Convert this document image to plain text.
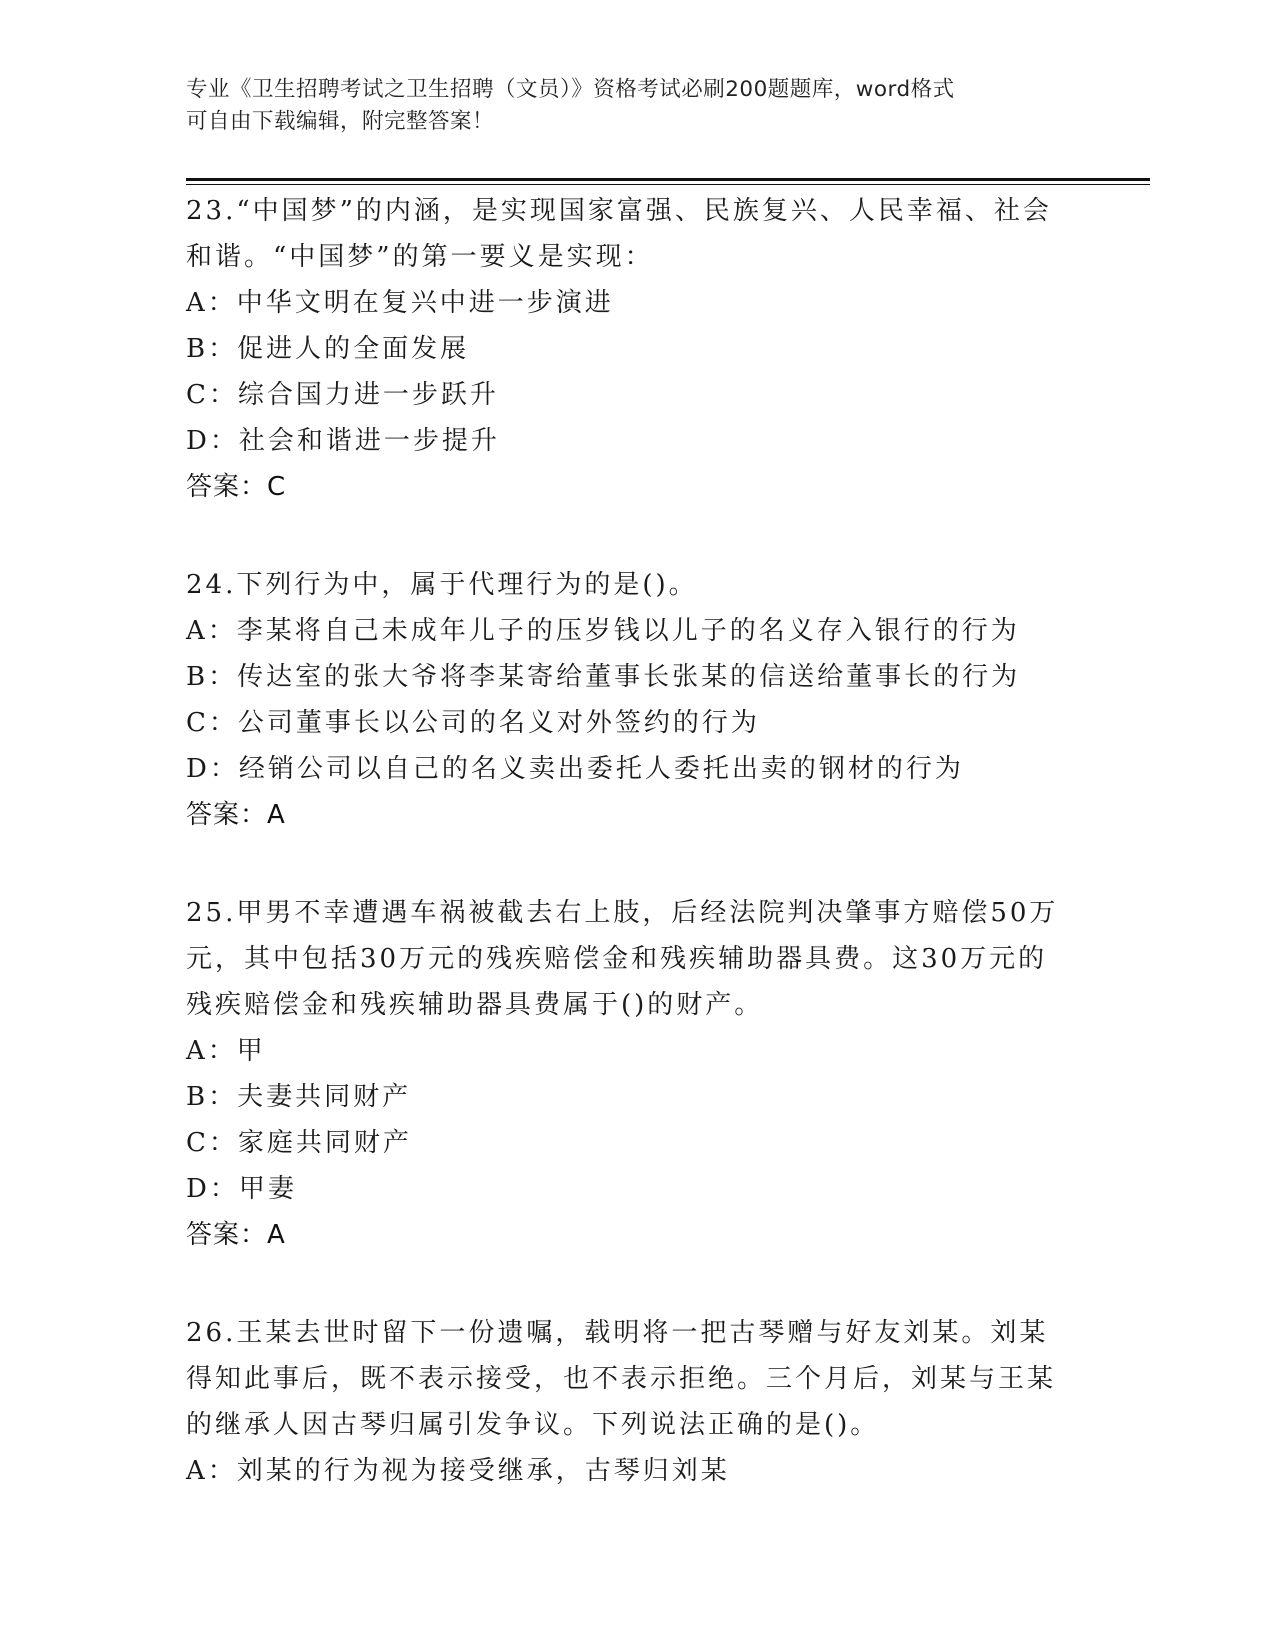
专业《卫生招聘考试之卫生招聘（文员）》资格考试必刷200题题库，word格式
可自由下载编辑，附完整答案！

23.“中国梦”的内涵，是实现国家富强、民族复兴、人民幸福、社会和谐。“中国梦”的第一要义是实现：

A：中华文明在复兴中进一步演进

B：促进人的全面发展

C：综合国力进一步跃升

D：社会和谐进一步提升

答案：C

24.下列行为中，属于代理行为的是()。

A：李某将自己未成年儿子的压岁钱以儿子的名义存入银行的行为

B：传达室的张大爷将李某寄给董事长张某的信送给董事长的行为

C：公司董事长以公司的名义对外签约的行为

D：经销公司以自己的名义卖出委托人委托出卖的钢材的行为

答案：A

25.甲男不幸遭遇车祸被截去右上肢，后经法院判决肇事方赔偿50万元，其中包括30万元的残疾赔偿金和残疾辅助器具费。这30万元的残疾赔偿金和残疾辅助器具费属于()的财产。

A：甲

B：夫妻共同财产

C：家庭共同财产

D：甲妻

答案：A

26.王某去世时留下一份遗嘱，载明将一把古琴赠与好友刘某。刘某得知此事后，既不表示接受，也不表示拒绝。三个月后，刘某与王某的继承人因古琴归属引发争议。下列说法正确的是()。

A：刘某的行为视为接受继承，古琴归刘某
